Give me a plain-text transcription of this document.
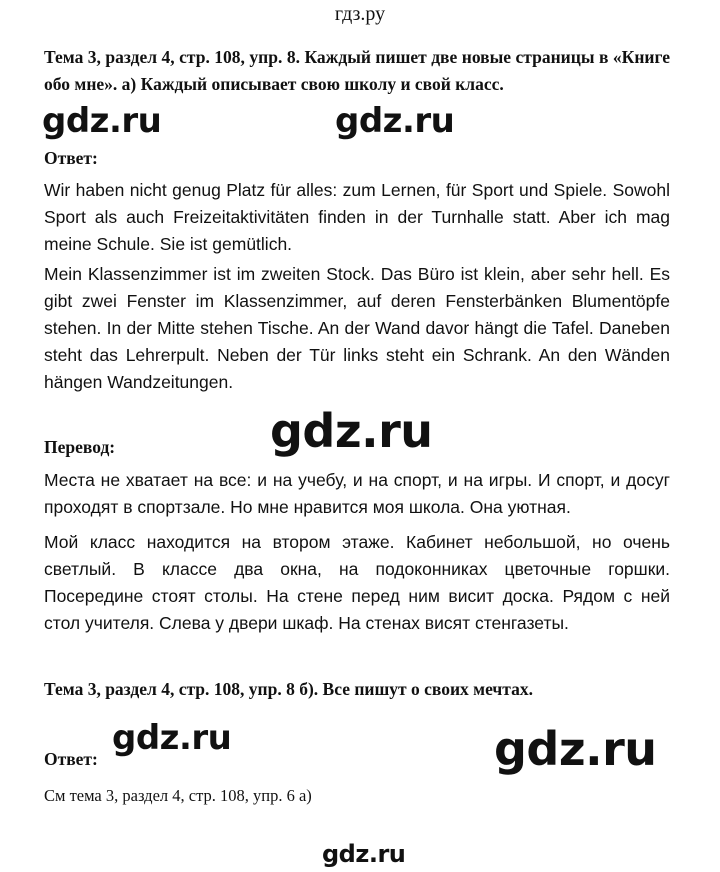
гдз.ру

Тема 3, раздел 4, стр. 108, упр. 8. Каждый пишет две новые страницы в «Книге обо мне». а) Каждый описывает свою школу и свой класс.

gdz.ru	gdz.ru

Ответ:

Wir haben nicht genug Platz für alles: zum Lernen, für Sport und Spiele. Sowohl Sport als auch Freizeitaktivitäten finden in der Turnhalle statt. Aber ich mag meine Schule. Sie ist gemütlich.

Mein Klassenzimmer ist im zweiten Stock. Das Büro ist klein, aber sehr hell. Es gibt zwei Fenster im Klassenzimmer, auf deren Fensterbänken Blumentöpfe stehen. In der Mitte stehen Tische. An der Wand davor hängt die Tafel. Daneben steht das Lehrerpult. Neben der Tür links steht ein Schrank. An den Wänden hängen Wandzeitungen.

gdz.ru

Перевод:

Места не хватает на все: и на учебу, и на спорт, и на игры. И спорт, и досуг проходят в спортзале. Но мне нравится моя школа. Она уютная.

Мой класс находится на втором этаже. Кабинет небольшой, но очень светлый. В классе два окна, на подоконниках цветочные горшки. Посередине стоят столы. На стене перед ним висит доска. Рядом с ней стол учителя. Слева у двери шкаф. На стенах висят стенгазеты.

Тема 3, раздел 4, стр. 108, упр. 8 б). Все пишут о своих мечтах.

gdz.ru	gdz.ru

Ответ:

См тема 3, раздел 4, стр. 108, упр. 6 а)

gdz.ru
